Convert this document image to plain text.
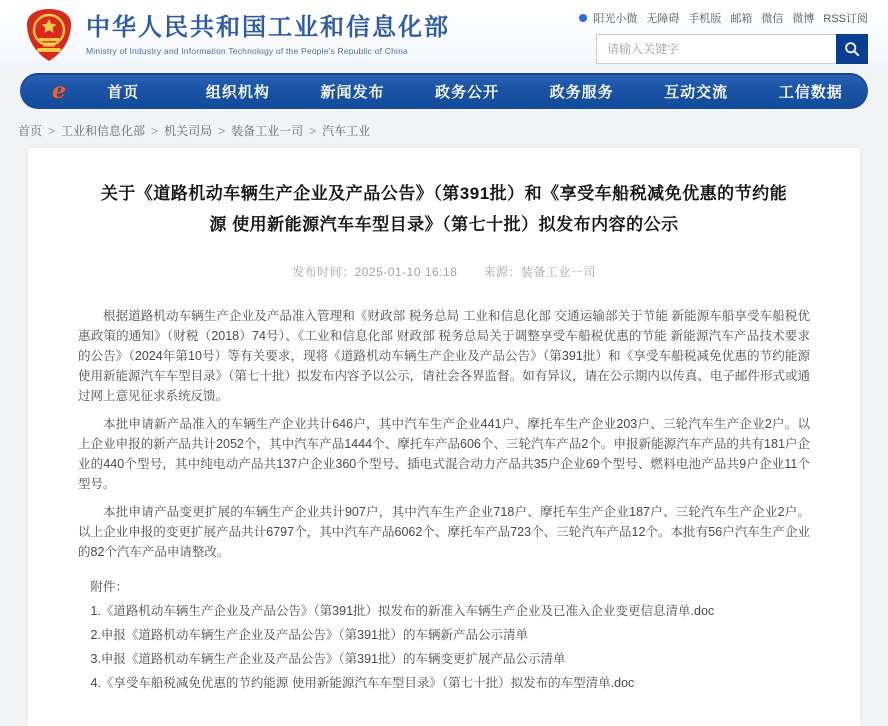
中华人民共和国工业和信息化部
Ministry of Industry and Information Technology of the People's Republic of China
阳光小微 无障碍 手机版 邮箱 微信 微博 RSS订阅
请输入关键字
e	首页	组织机构	新闻发布	政务公开	政务服务	互动交流	工信数据
首页 > 工业和信息化部 > 机关司局 > 装备工业一司 > 汽车工业
关于《道路机动车辆生产企业及产品公告》（第391批）和《享受车船税减免优惠的节约能源 使用新能源汽车车型目录》（第七十批）拟发布内容的公示
发布时间：2025-01-10 16:18 来源：装备工业一司

根据道路机动车辆生产企业及产品准入管理和《财政部 税务总局 工业和信息化部 交通运输部关于节能 新能源车船享受车船税优惠政策的通知》（财税（2018）74号）、《工业和信息化部 财政部 税务总局关于调整享受车船税优惠的节能 新能源汽车产品技术要求的公告》（2024年第10号）等有关要求，现将《道路机动车辆生产企业及产品公告》（第391批）和《享受车船税减免优惠的节约能源 使用新能源汽车车型目录》（第七十批）拟发布内容予以公示，请社会各界监督。如有异议，请在公示期内以传真、电子邮件形式或通过网上意见征求系统反馈。

本批申请新产品准入的车辆生产企业共计646户，其中汽车生产企业441户、摩托车生产企业203户、三轮汽车生产企业2户。以上企业申报的新产品共计2052个，其中汽车产品1444个、摩托车产品606个、三轮汽车产品2个。申报新能源汽车产品的共有181户企业的440个型号，其中纯电动产品共137户企业360个型号、插电式混合动力产品共35户企业69个型号、燃料电池产品共9户企业11个型号。

本批申请产品变更扩展的车辆生产企业共计907户，其中汽车生产企业718户、摩托车生产企业187户、三轮汽车生产企业2户。以上企业申报的变更扩展产品共计6797个，其中汽车产品6062个、摩托车产品723个、三轮汽车产品12个。本批有56户汽车生产企业的82个汽车产品申请整改。

附件：

1.《道路机动车辆生产企业及产品公告》（第391批）拟发布的新准入车辆生产企业及已准入企业变更信息清单.doc

2.申报《道路机动车辆生产企业及产品公告》（第391批）的车辆新产品公示清单

3.申报《道路机动车辆生产企业及产品公告》（第391批）的车辆变更扩展产品公示清单

4.《享受车船税减免优惠的节约能源 使用新能源汽车车型目录》（第七十批）拟发布的车型清单.doc
